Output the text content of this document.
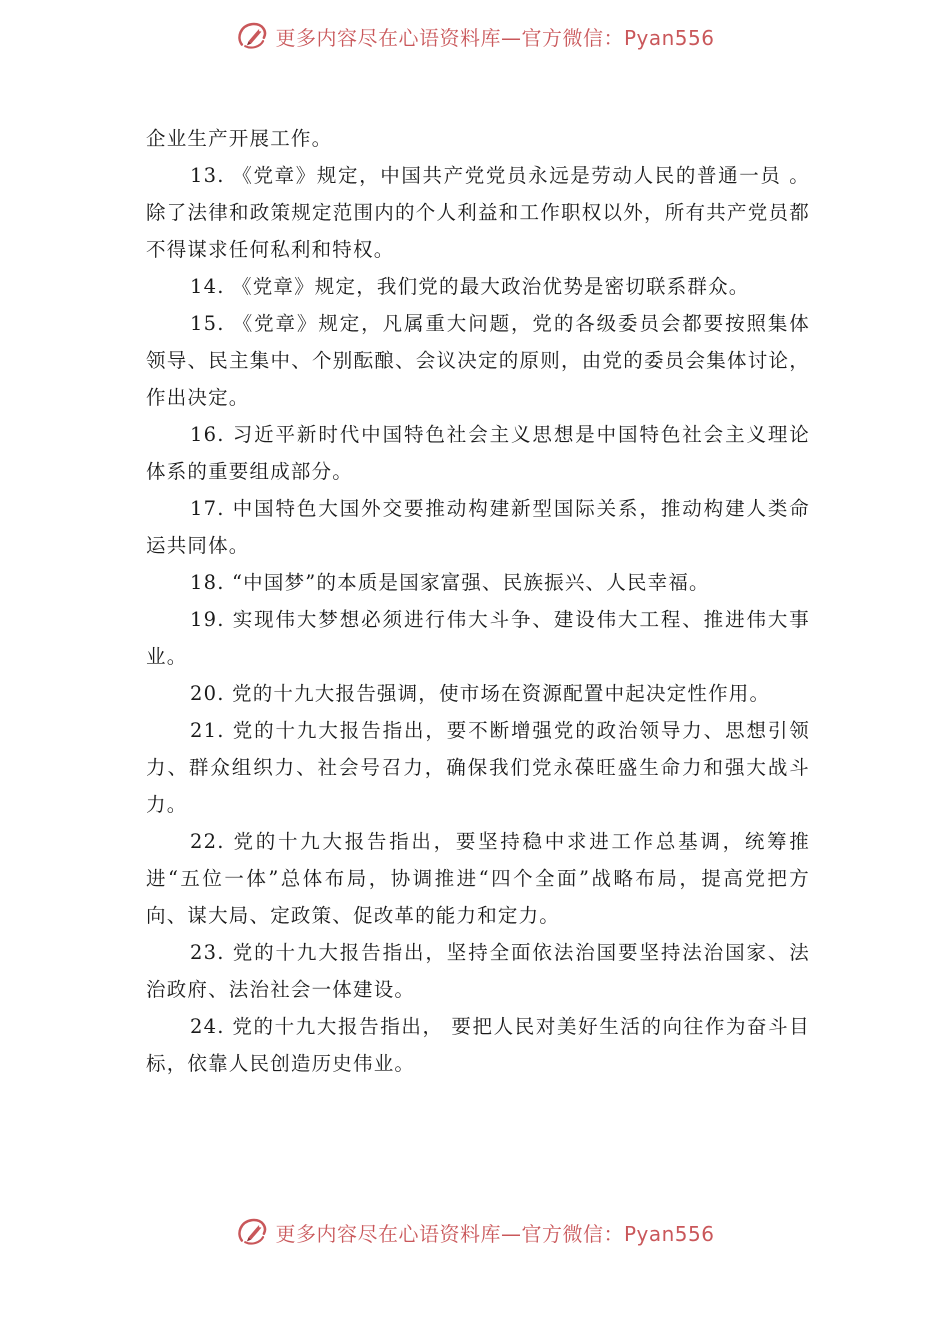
更多内容尽在心语资料库—官方微信：Pyan556

企业生产开展工作。

13. 《党章》规定，中国共产党党员永远是劳动人民的普通一员 。除了法律和政策规定范围内的个人利益和工作职权以外，所有共产党员都不得谋求任何私利和特权。

14. 《党章》规定，我们党的最大政治优势是密切联系群众。

15. 《党章》规定，凡属重大问题，党的各级委员会都要按照集体领导、民主集中、个别酝酿、会议决定的原则，由党的委员会集体讨论，作出决定。

16. 习近平新时代中国特色社会主义思想是中国特色社会主义理论体系的重要组成部分。

17. 中国特色大国外交要推动构建新型国际关系，推动构建人类命运共同体。

18. “中国梦”的本质是国家富强、民族振兴、人民幸福。

19. 实现伟大梦想必须进行伟大斗争、建设伟大工程、推进伟大事业。

20. 党的十九大报告强调，使市场在资源配置中起决定性作用。

21. 党的十九大报告指出，要不断增强党的政治领导力、思想引领力、群众组织力、社会号召力，确保我们党永葆旺盛生命力和强大战斗力。

22. 党的十九大报告指出，要坚持稳中求进工作总基调，统筹推进“五位一体”总体布局，协调推进“四个全面”战略布局，提高党把方向、谋大局、定政策、促改革的能力和定力。

23. 党的十九大报告指出，坚持全面依法治国要坚持法治国家、法治政府、法治社会一体建设。

24. 党的十九大报告指出， 要把人民对美好生活的向往作为奋斗目标，依靠人民创造历史伟业。

更多内容尽在心语资料库—官方微信：Pyan556
